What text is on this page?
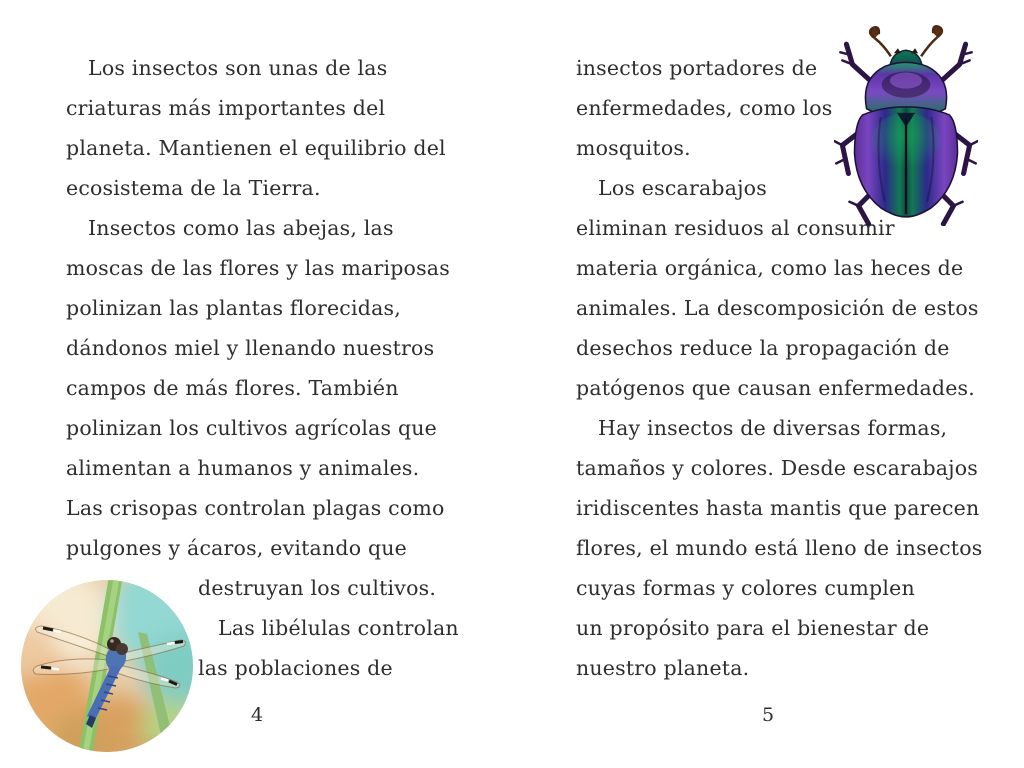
Los insectos son unas de las
criaturas más importantes del
planeta. Mantienen el equilibrio del
ecosistema de la Tierra.
Insectos como las abejas, las
moscas de las flores y las mariposas
polinizan las plantas florecidas,
dándonos miel y llenando nuestros
campos de más flores. También
polinizan los cultivos agrícolas que
alimentan a humanos y animales.
Las crisopas controlan plagas como
pulgones y ácaros, evitando que
destruyan los cultivos.
Las libélulas controlan
las poblaciones de
insectos portadores de
enfermedades, como los
mosquitos.
Los escarabajos
eliminan residuos al consumir
materia orgánica, como las heces de
animales. La descomposición de estos
desechos reduce la propagación de
patógenos que causan enfermedades.
Hay insectos de diversas formas,
tamaños y colores. Desde escarabajos
iridiscentes hasta mantis que parecen
flores, el mundo está lleno de insectos
cuyas formas y colores cumplen
un propósito para el bienestar de
nuestro planeta.
4	5
